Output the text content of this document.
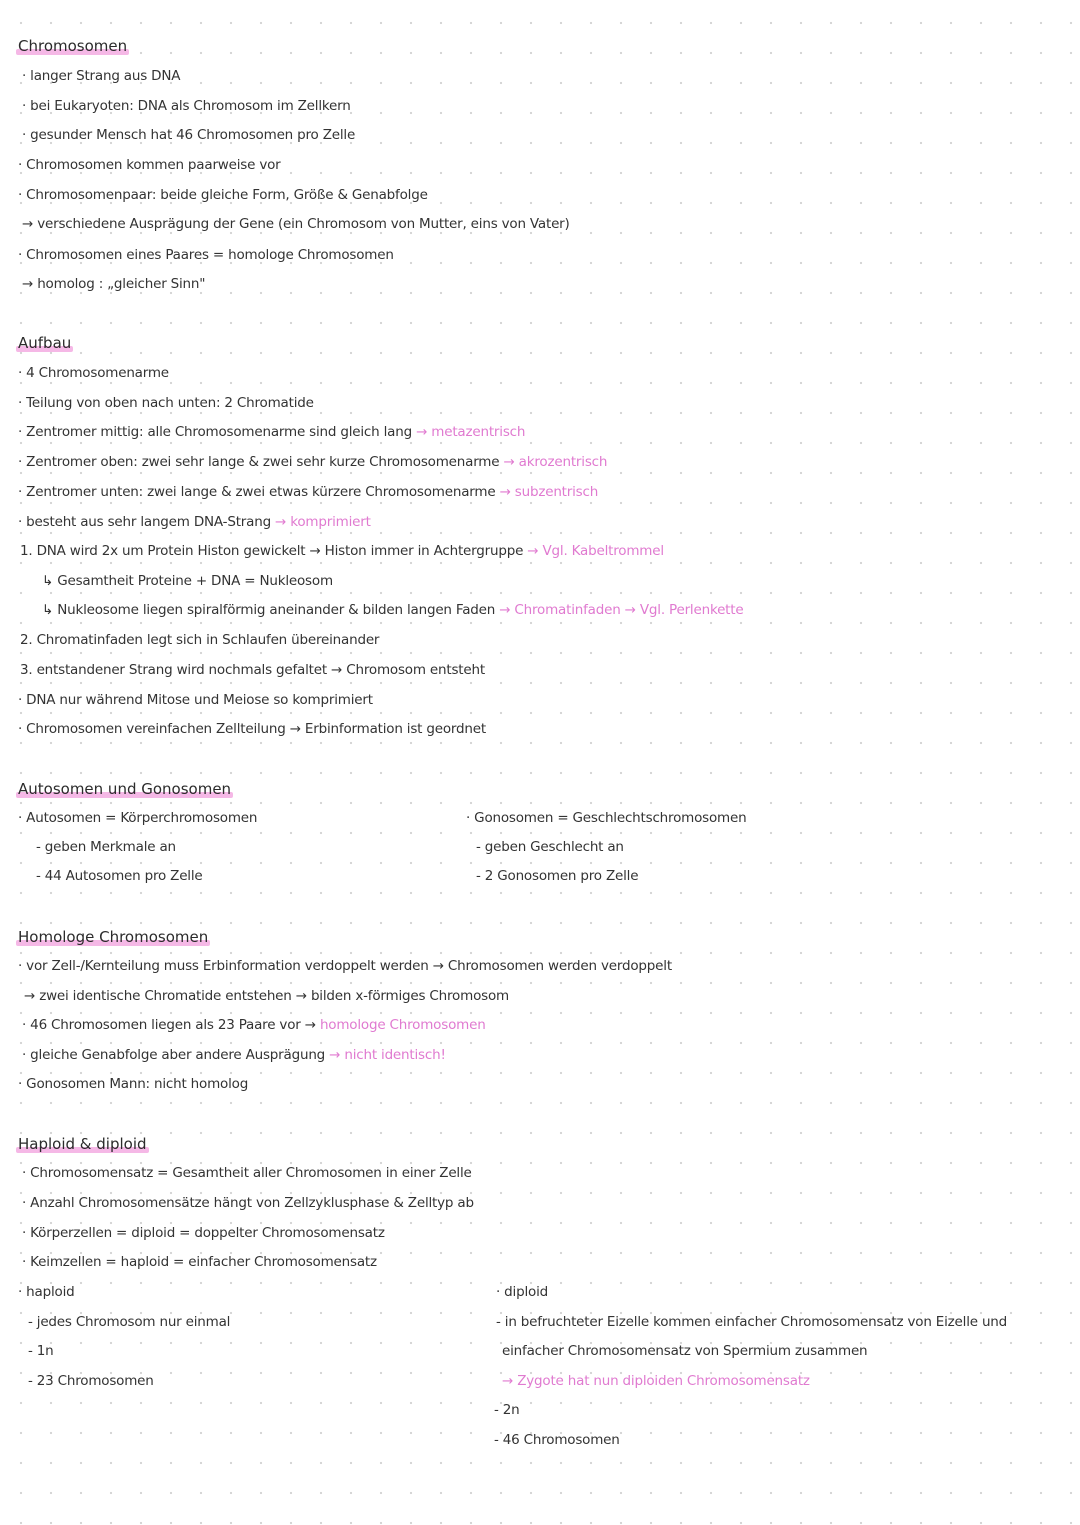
Chromosomen
· langer Strang aus DNA
· bei Eukaryoten: DNA als Chromosom im Zellkern
· gesunder Mensch hat 46 Chromosomen pro Zelle
· Chromosomen kommen paarweise vor
· Chromosomenpaar: beide gleiche Form, Größe & Genabfolge
→ verschiedene Ausprägung der Gene (ein Chromosom von Mutter, eins von Vater)
· Chromosomen eines Paares = homologe Chromosomen
→ homolog : „gleicher Sinn"
Aufbau
· 4 Chromosomenarme
· Teilung von oben nach unten: 2 Chromatide
· Zentromer mittig: alle Chromosomenarme sind gleich lang → metazentrisch
· Zentromer oben: zwei sehr lange & zwei sehr kurze Chromosomenarme → akrozentrisch
· Zentromer unten: zwei lange & zwei etwas kürzere Chromosomenarme → subzentrisch
· besteht aus sehr langem DNA-Strang → komprimiert
1. DNA wird 2x um Protein Histon gewickelt → Histon immer in Achtergruppe → Vgl. Kabeltrommel
↳ Gesamtheit Proteine + DNA = Nukleosom
↳ Nukleosome liegen spiralförmig aneinander & bilden langen Faden → Chromatinfaden → Vgl. Perlenkette
2. Chromatinfaden legt sich in Schlaufen übereinander
3. entstandener Strang wird nochmals gefaltet → Chromosom entsteht
· DNA nur während Mitose und Meiose so komprimiert
· Chromosomen vereinfachen Zellteilung → Erbinformation ist geordnet
Autosomen und Gonosomen
· Autosomen = Körperchromosomen
- geben Merkmale an
- 44 Autosomen pro Zelle
· Gonosomen = Geschlechtschromosomen
- geben Geschlecht an
- 2 Gonosomen pro Zelle
Homologe Chromosomen
· vor Zell-/Kernteilung muss Erbinformation verdoppelt werden → Chromosomen werden verdoppelt
→ zwei identische Chromatide entstehen → bilden x-förmiges Chromosom
· 46 Chromosomen liegen als 23 Paare vor → homologe Chromosomen
· gleiche Genabfolge aber andere Ausprägung → nicht identisch!
· Gonosomen Mann: nicht homolog
Haploid & diploid
· Chromosomensatz = Gesamtheit aller Chromosomen in einer Zelle
· Anzahl Chromosomensätze hängt von Zellzyklusphase & Zelltyp ab
· Körperzellen = diploid = doppelter Chromosomensatz
· Keimzellen = haploid = einfacher Chromosomensatz
· haploid
- jedes Chromosom nur einmal
- 1n
- 23 Chromosomen
· diploid
- in befruchteter Eizelle kommen einfacher Chromosomensatz von Eizelle und
einfacher Chromosomensatz von Spermium zusammen
→ Zygote hat nun diploiden Chromosomensatz
- 2n
- 46 Chromosomen
